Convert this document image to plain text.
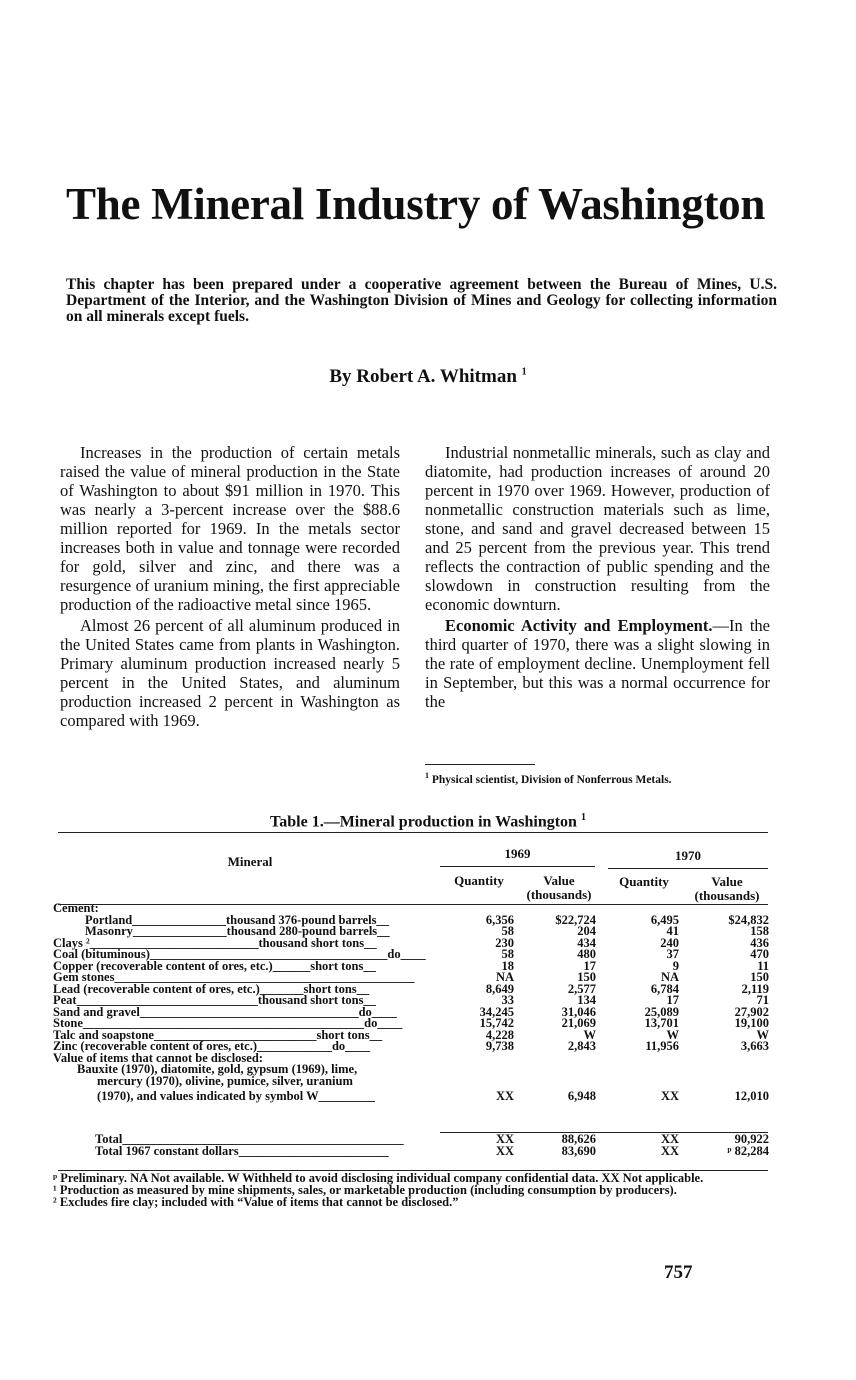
The Mineral Industry of Washington
This chapter has been prepared under a cooperative agreement between the Bureau of Mines, U.S. Department of the Interior, and the Washington Division of Mines and Geology for collecting information on all minerals except fuels.
By Robert A. Whitman $^1$

Increases in the production of certain metals raised the value of mineral production in the State of Washington to about $91 million in 1970. This was nearly a 3-percent increase over the $88.6 million reported for 1969. In the metals sector increases both in value and tonnage were recorded for gold, silver and zinc, and there was a resurgence of uranium mining, the first appreciable production of the radioactive metal since 1965.

Almost 26 percent of all aluminum produced in the United States came from plants in Washington. Primary aluminum production increased nearly 5 percent in the United States, and aluminum production increased 2 percent in Washington as compared with 1969.

Industrial nonmetallic minerals, such as clay and diatomite, had production increases of around 20 percent in 1970 over 1969. However, production of nonmetallic construction materials such as lime, stone, and sand and gravel decreased between 15 and 25 percent from the previous year. This trend reflects the contraction of public spending and the slowdown in construction resulting from the economic downturn.

Economic Activity and Employment.—In the third quarter of 1970, there was a slight slowing in the rate of employment decline. Unemployment fell in September, but this was a normal occurrence for the

$^1$ Physical scientist, Division of Nonferrous Metals.
Table 1.—Mineral production in Washington $^1$
Mineral
1969	1970
Quantity	Value
(thousands)
Quantity	Value
(thousands)
Cement:
Portland_______________thousand 376-pound barrels__	6,356	$22,724	6,495	$24,832
Masonry_______________thousand 280-pound barrels__	58	204	41	158
Clays ²___________________________thousand short tons__	230	434	240	436
Coal (bituminous)______________________________________do____	58	480	37	470
Copper (recoverable content of ores, etc.)______short tons__	18	17	9	11
Gem stones________________________________________________	NA	150	NA	150
Lead (recoverable content of ores, etc.)_______short tons__	8,649	2,577	6,784	2,119
Peat_____________________________thousand short tons__	33	134	17	71
Sand and gravel___________________________________do____	34,245	31,046	25,089	27,902
Stone_____________________________________________do____	15,742	21,069	13,701	19,100
Talc and soapstone__________________________short tons__	4,228	W	W	W
Zinc (recoverable content of ores, etc.)____________do____	9,738	2,843	11,956	3,663
Value of items that cannot be disclosed:
Bauxite (1970), diatomite, gold, gypsum (1969), lime,
mercury (1970), olivine, pumice, silver, uranium
(1970), and values indicated by symbol W_________	XX	6,948	XX	12,010
Total_____________________________________________	XX	88,626	XX	90,922
Total 1967 constant dollars________________________	XX	83,690	XX	ᵖ 82,284

ᵖ Preliminary. NA Not available. W Withheld to avoid disclosing individual company confidential data. XX Not applicable.

¹ Production as measured by mine shipments, sales, or marketable production (including consumption by producers).

² Excludes fire clay; included with “Value of items that cannot be disclosed.”

757
